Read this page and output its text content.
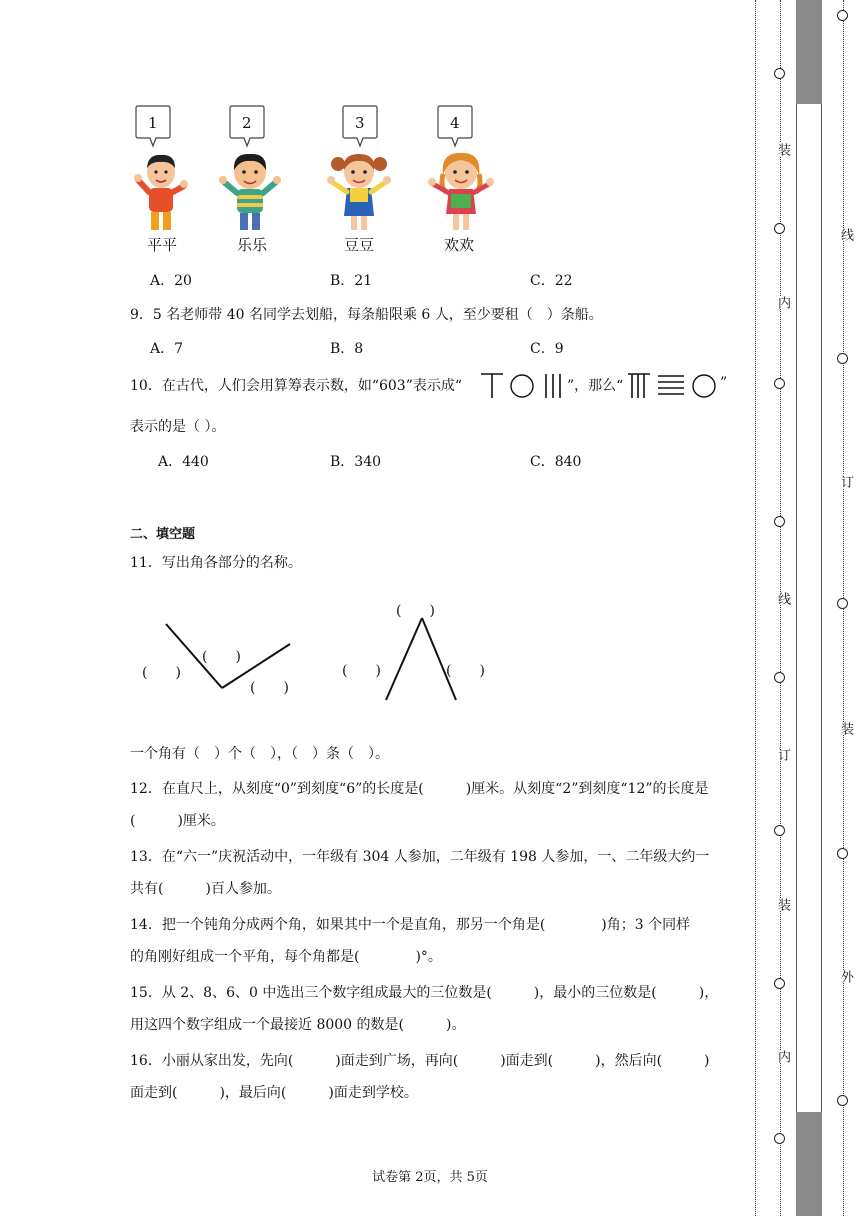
1
平平
2
乐乐
3
豆豆
4
欢欢
A．20	B．21	C．22
9．5 名老师带 40 名同学去划船，每条船限乘 6 人，至少要租（　）条船。
A．7	B．8	C．9
10．在古代，人们会用算筹表示数，如“603”表示成“	”，那么“	”
表示的是（ ）。
A．440	B．340	C．840
二、填空题
11．写出角各部分的名称。
(　　)
(　　)
(　　)
(　　)
(　　)	(　　)
一个角有（　）个（　），（　）条（　）。
12．在直尺上，从刻度“0”到刻度“6”的长度是(　　　)厘米。从刻度“2”到刻度“12”的长度是
(　　　)厘米。
13．在“六一”庆祝活动中，一年级有 304 人参加，二年级有 198 人参加，一、二年级大约一
共有(　　　)百人参加。
14．把一个钝角分成两个角，如果其中一个是直角，那另一个角是(　　　　)角；3 个同样
的角刚好组成一个平角，每个角都是(　　　　)°。
15．从 2、8、6、0 中选出三个数字组成最大的三位数是(　　　)，最小的三位数是(　　　)，
用这四个数字组成一个最接近 8000 的数是(　　　)。
16．小丽从家出发，先向(　　　)面走到广场，再向(　　　)面走到(　　　)，然后向(　　　)
面走到(　　　)，最后向(　　　)面走到学校。
试卷第 2页，共 5页
装
内
线
订
装
内
线
订
装
外
